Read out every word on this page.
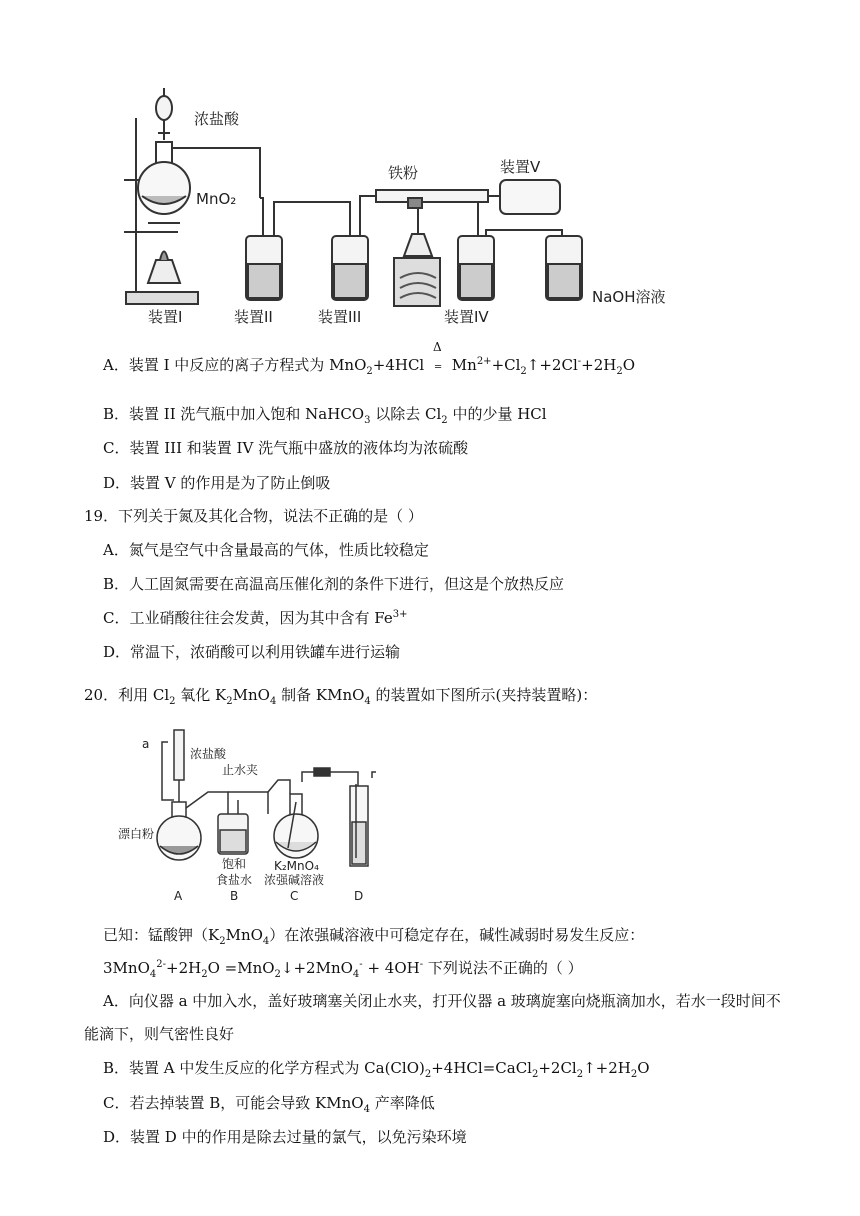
浓盐酸
MnO₂
铁粉	装置V
NaOH溶液
装置I	装置II	装置III	装置IV
A．装置 I 中反应的离子方程式为 MnO$_2$+4HCl
Δ
= $Mn^{2+}+Cl_2↑+2Cl^-+2H_2O$
B．装置 II 洗气瓶中加入饱和 NaHCO$_3$ 以除去 $Cl_2$ 中的少量 HCl
C．装置 III 和装置 IV 洗气瓶中盛放的液体均为浓硫酸
D．装置 V 的作用是为了防止倒吸
19．下列关于氮及其化合物，说法不正确的是（ ）
A．氮气是空气中含量最高的气体，性质比较稳定
B．人工固氮需要在高温高压催化剂的条件下进行，但这是个放热反应
C．工业硝酸往往会发黄，因为其中含有 $Fe^{3+}$
D．常温下，浓硝酸可以利用铁罐车进行运输
20．利用 $Cl_2$ 氧化 $K_2MnO_4$ 制备 KMnO$_4$ 的装置如下图所示(夹持装置略)：
a
浓盐酸
止水夹
漂白粉
饱和
食盐水
K₂MnO₄
浓强碱溶液
A	B	C	D
已知：锰酸钾$(K_2MnO_4)$在浓强碱溶液中可稳定存在，碱性减弱时易发生反应：
$3MnO_4^{2-}+2H_2O$ =MnO$_2$↓+2MnO$_4$- + 4OH- 下列说法不正确的（ ）
A．向仪器 a 中加入水，盖好玻璃塞关闭止水夹，打开仪器 a 玻璃旋塞向烧瓶滴加水，若水一段时间不
能滴下，则气密性良好
B．装置 A 中发生反应的化学方程式为 $Ca(ClO)_2+4HCl=CaCl_2+2Cl_2↑+2H_2O$
C．若去掉装置 B，可能会导致 KMnO$_4$ 产率降低
D．装置 D 中的作用是除去过量的氯气，以免污染环境
